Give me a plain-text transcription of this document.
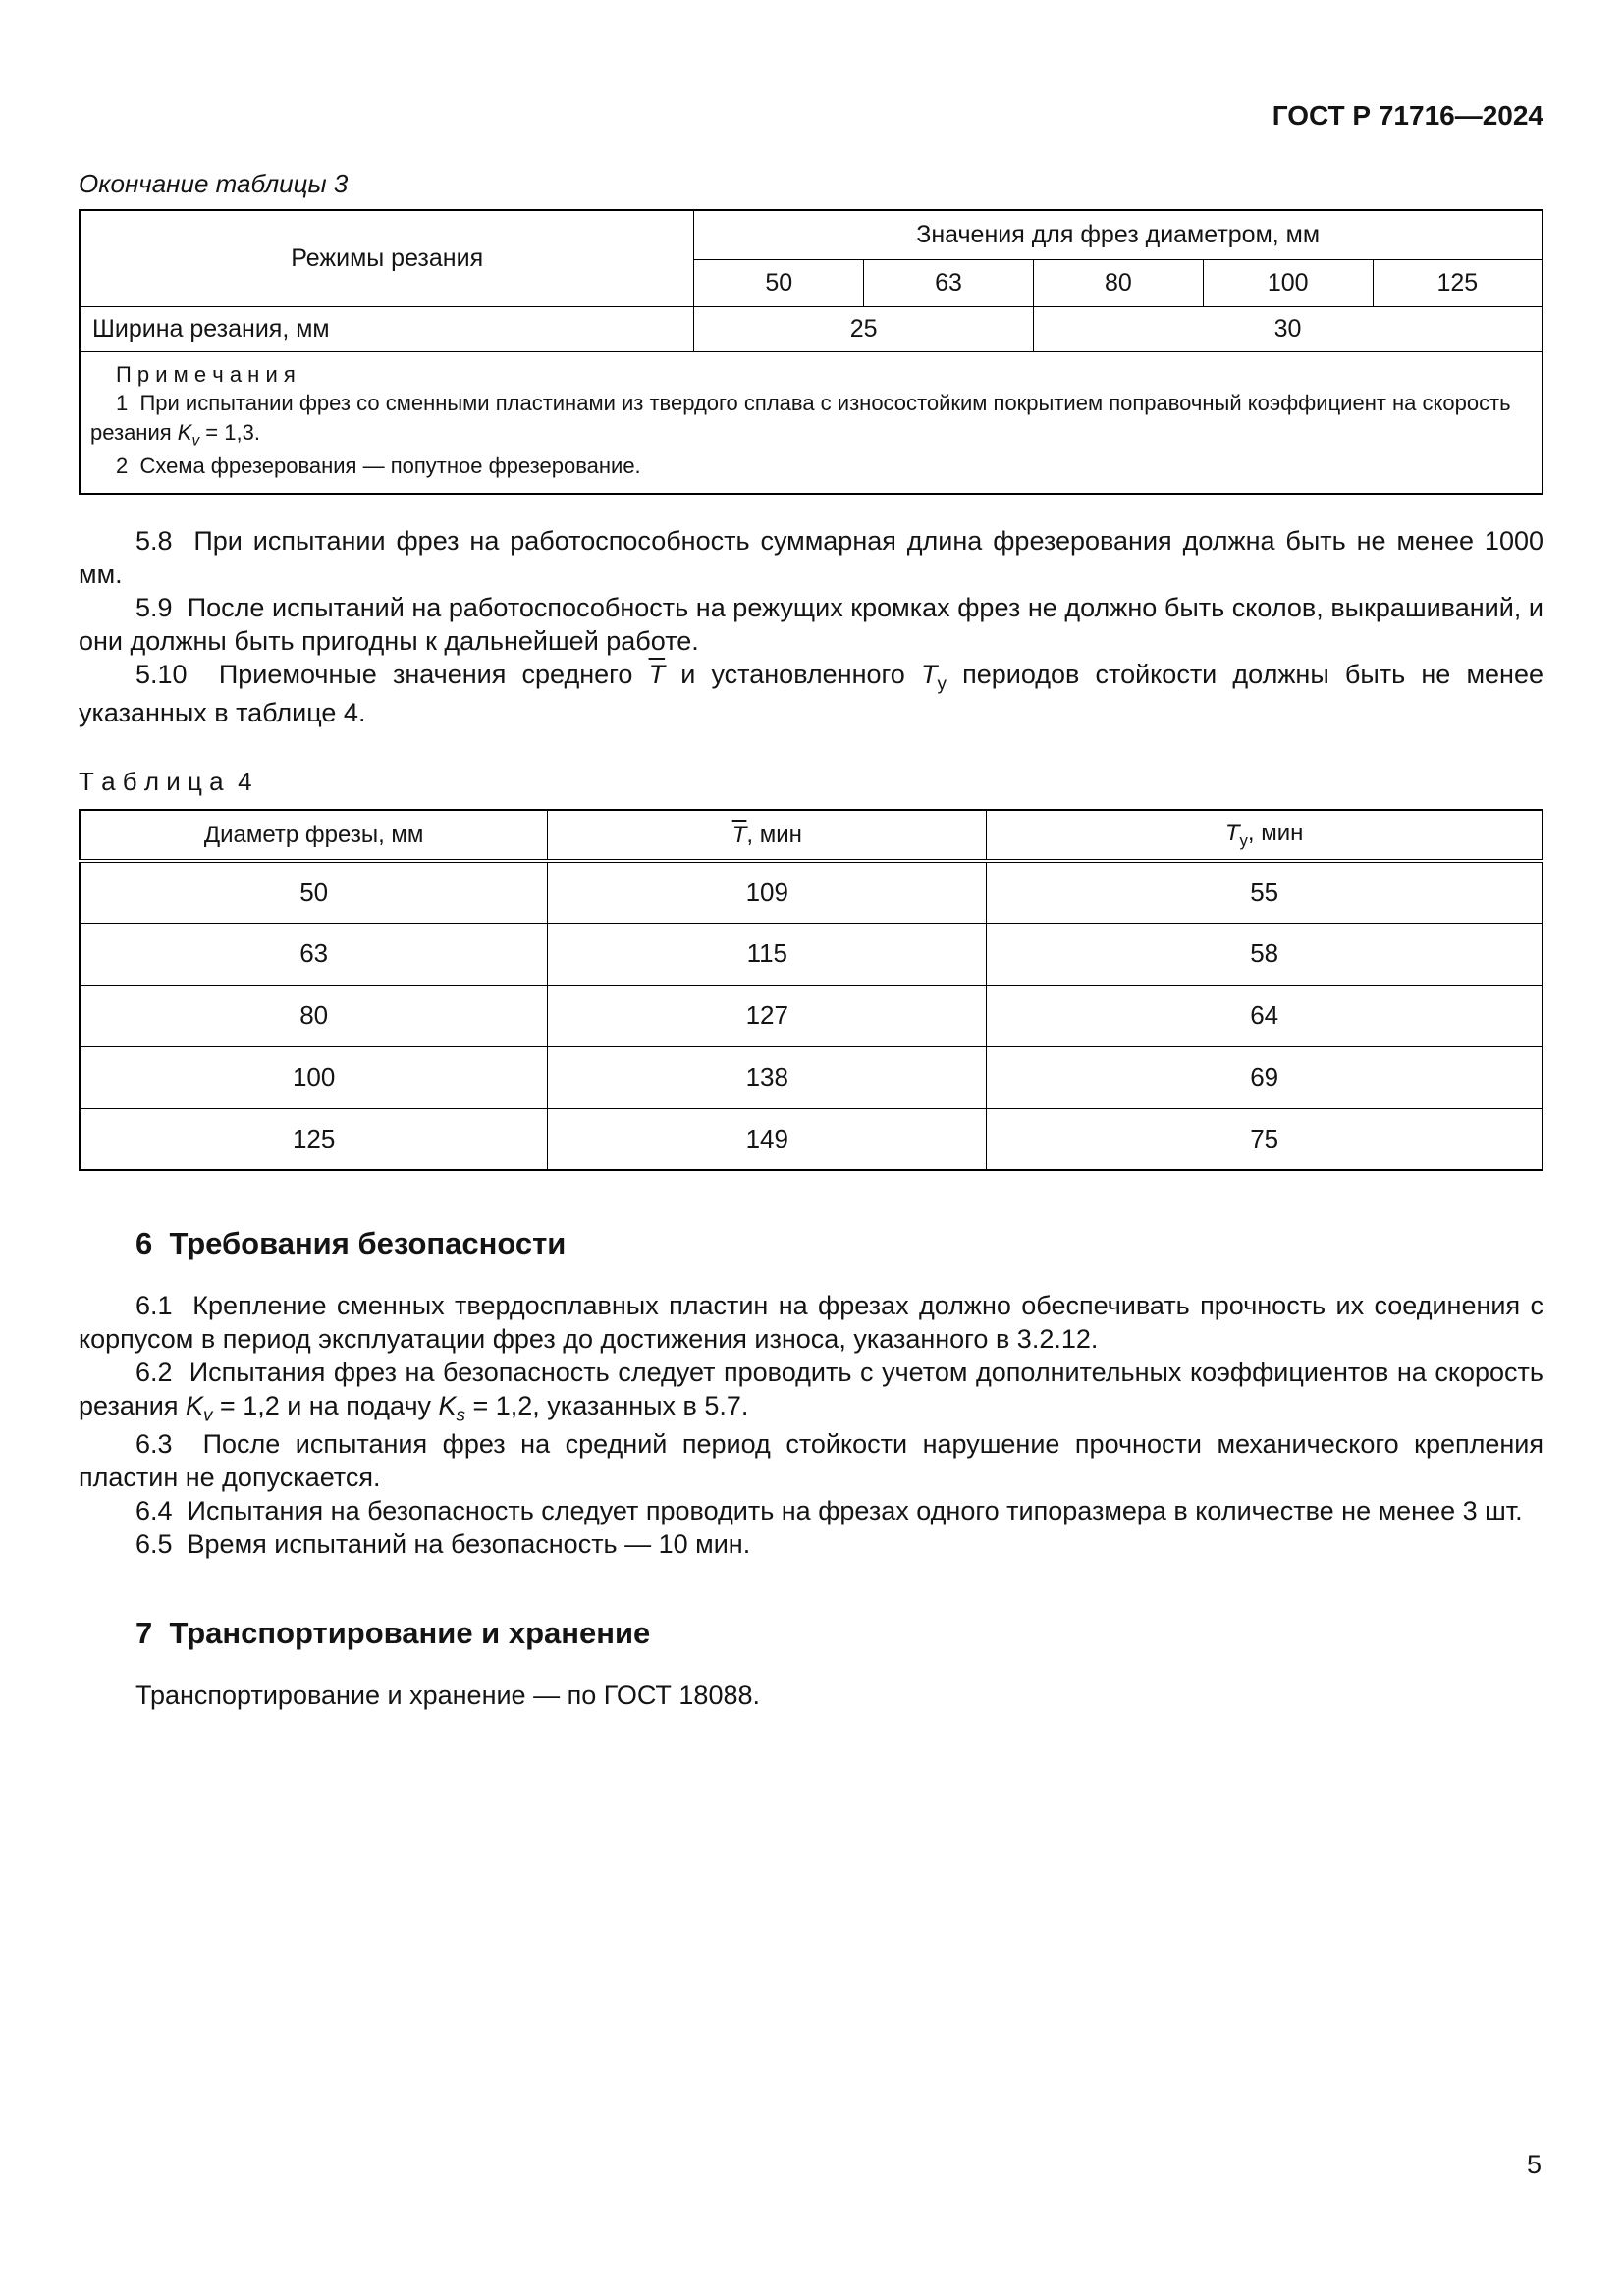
ГОСТ Р 71716—2024
Окончание таблицы 3
Режимы резания	Значения для фрез диаметром, мм				
	50	63	80	100	125
Ширина резания, мм	25		30		

П р и м е ч а н и я

1  При испытании фрез со сменными пластинами из твердого сплава с износостойким покрытием поправочный коэффициент на скорость резания $K_v = 1,3$.

2  Схема фрезерования — попутное фрезерование.					

5.8  При испытании фрез на работоспособность суммарная длина фрезерования должна быть не менее 1000 мм.

5.9  После испытаний на работоспособность на режущих кромках фрез не должно быть сколов, выкрашиваний, и они должны быть пригодны к дальнейшей работе.

5.10  Приемочные значения среднего $\overline{T}$ и установленного $T_у$ периодов стойкости должны быть не менее указанных в таблице 4.

Т а б л и ц а  4
Диаметр фрезы, мм	$\overline{T}$, мин	$T_у$, мин
50	109	55
63	115	58
80	127	64
100	138	69
125	149	75
6  Требования безопасности

6.1  Крепление сменных твердосплавных пластин на фрезах должно обеспечивать прочность их соединения с корпусом в период эксплуатации фрез до достижения износа, указанного в 3.2.12.

6.2  Испытания фрез на безопасность следует проводить с учетом дополнительных коэффициентов на скорость резания $K_v = 1,2$ и на подачу $K_s = 1,2$, указанных в 5.7.

6.3  После испытания фрез на средний период стойкости нарушение прочности механического крепления пластин не допускается.

6.4  Испытания на безопасность следует проводить на фрезах одного типоразмера в количестве не менее 3 шт.

6.5  Время испытаний на безопасность — 10 мин.

7  Транспортирование и хранение

Транспортирование и хранение — по ГОСТ 18088.

5
